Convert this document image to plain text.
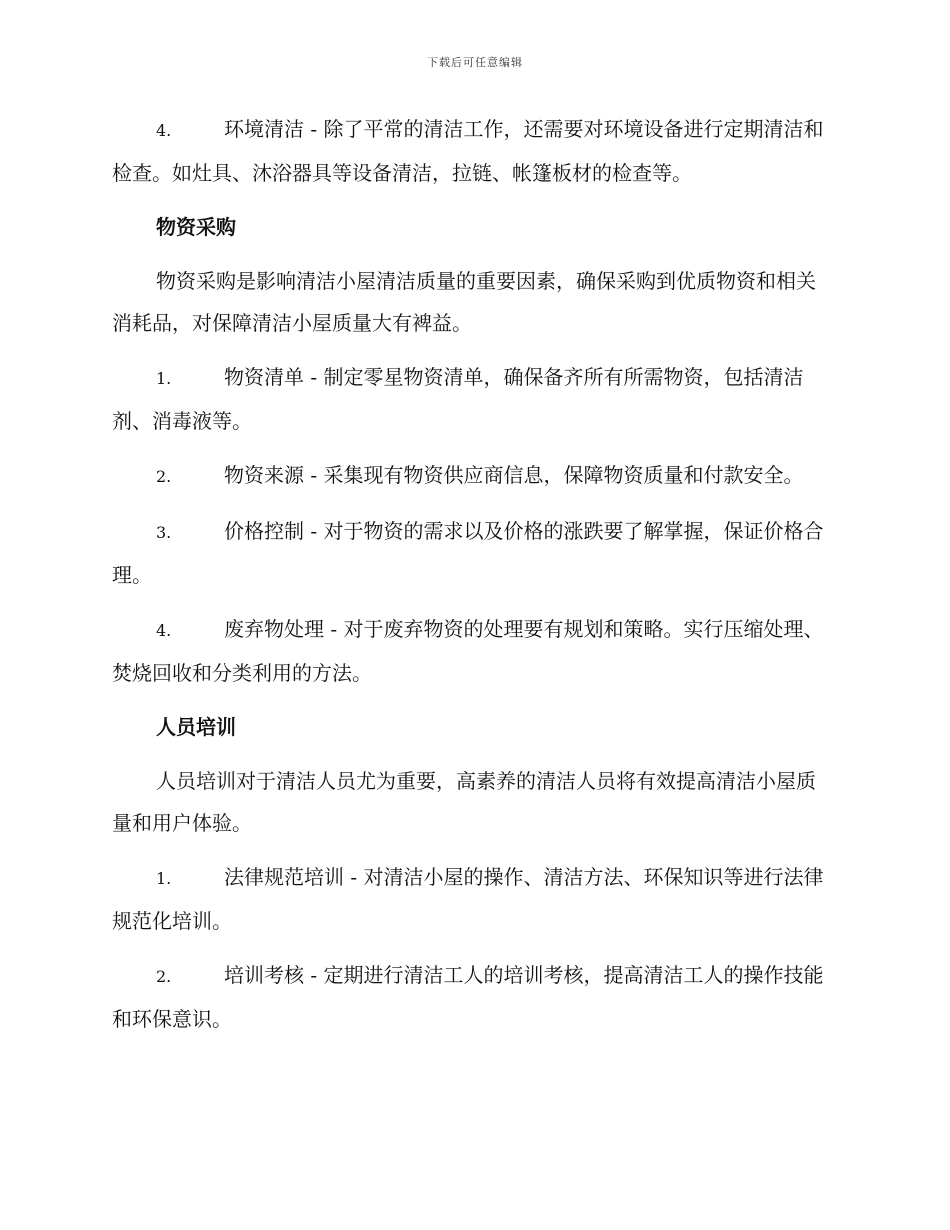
下载后可任意编辑
4.	环境清洁 - 除了平常的清洁工作，还需要对环境设备进行定期清洁和检查。如灶具、沐浴器具等设备清洁，拉链、帐篷板材的检查等。
物资采购
物资采购是影响清洁小屋清洁质量的重要因素，确保采购到优质物资和相关消耗品，对保障清洁小屋质量大有裨益。
1.	物资清单 - 制定零星物资清单，确保备齐所有所需物资，包括清洁剂、消毒液等。
2.	物资来源 - 采集现有物资供应商信息，保障物资质量和付款安全。
3.	价格控制 - 对于物资的需求以及价格的涨跌要了解掌握，保证价格合理。
4.	废弃物处理 - 对于废弃物资的处理要有规划和策略。实行压缩处理、焚烧回收和分类利用的方法。
人员培训
人员培训对于清洁人员尤为重要，高素养的清洁人员将有效提高清洁小屋质量和用户体验。
1.	法律规范培训 - 对清洁小屋的操作、清洁方法、环保知识等进行法律规范化培训。
2.	培训考核 - 定期进行清洁工人的培训考核，提高清洁工人的操作技能和环保意识。
